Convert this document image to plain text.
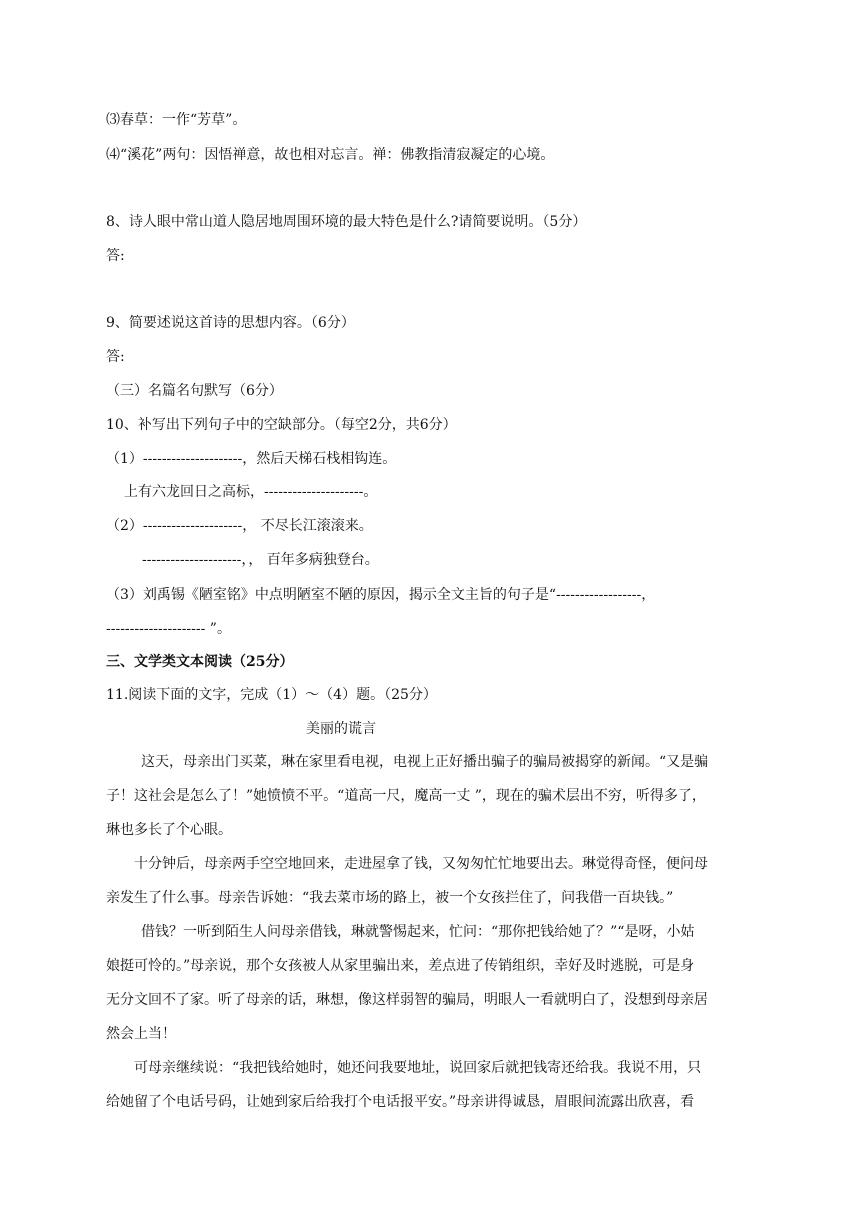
⑶春草：一作“芳草”。
⑷“溪花”两句：因悟禅意，故也相对忘言。禅：佛教指清寂凝定的心境。
8、诗人眼中常山道人隐居地周围环境的最大特色是什么?请简要说明。（5分）
答:
9、简要述说这首诗的思想内容。（6分）
答:
（三）名篇名句默写（6分）
10、补写出下列句子中的空缺部分。（每空2分，共6分）
（1）---------------------，然后天梯石栈相钩连。
上有六龙回日之高标，---------------------。
（2）---------------------， 不尽长江滚滚来。
---------------------，， 百年多病独登台。
（3）刘禹锡《陋室铭》中点明陋室不陋的原因，揭示全文主旨的句子是“------------------，
--------------------- ”。
三、文学类文本阅读（25分）
11.阅读下面的文字，完成（1）～（4）题。（25分）
美丽的谎言
这天，母亲出门买菜，琳在家里看电视，电视上正好播出骗子的骗局被揭穿的新闻。“又是骗
子！这社会是怎么了！”她愤愤不平。“道高一尺，魔高一丈 ”，现在的骗术层出不穷，听得多了，
琳也多长了个心眼。
十分钟后，母亲两手空空地回来，走进屋拿了钱，又匆匆忙忙地要出去。琳觉得奇怪，便问母
亲发生了什么事。母亲告诉她：“我去菜市场的路上，被一个女孩拦住了，问我借一百块钱。”
借钱？一听到陌生人问母亲借钱，琳就警惕起来，忙问：“那你把钱给她了？”“是呀，小姑
娘挺可怜的。”母亲说，那个女孩被人从家里骗出来，差点进了传销组织，幸好及时逃脱，可是身
无分文回不了家。听了母亲的话，琳想，像这样弱智的骗局，明眼人一看就明白了，没想到母亲居
然会上当！
可母亲继续说：“我把钱给她时，她还问我要地址，说回家后就把钱寄还给我。我说不用，只
给她留了个电话号码，让她到家后给我打个电话报平安。”母亲讲得诚恳，眉眼间流露出欣喜，看
